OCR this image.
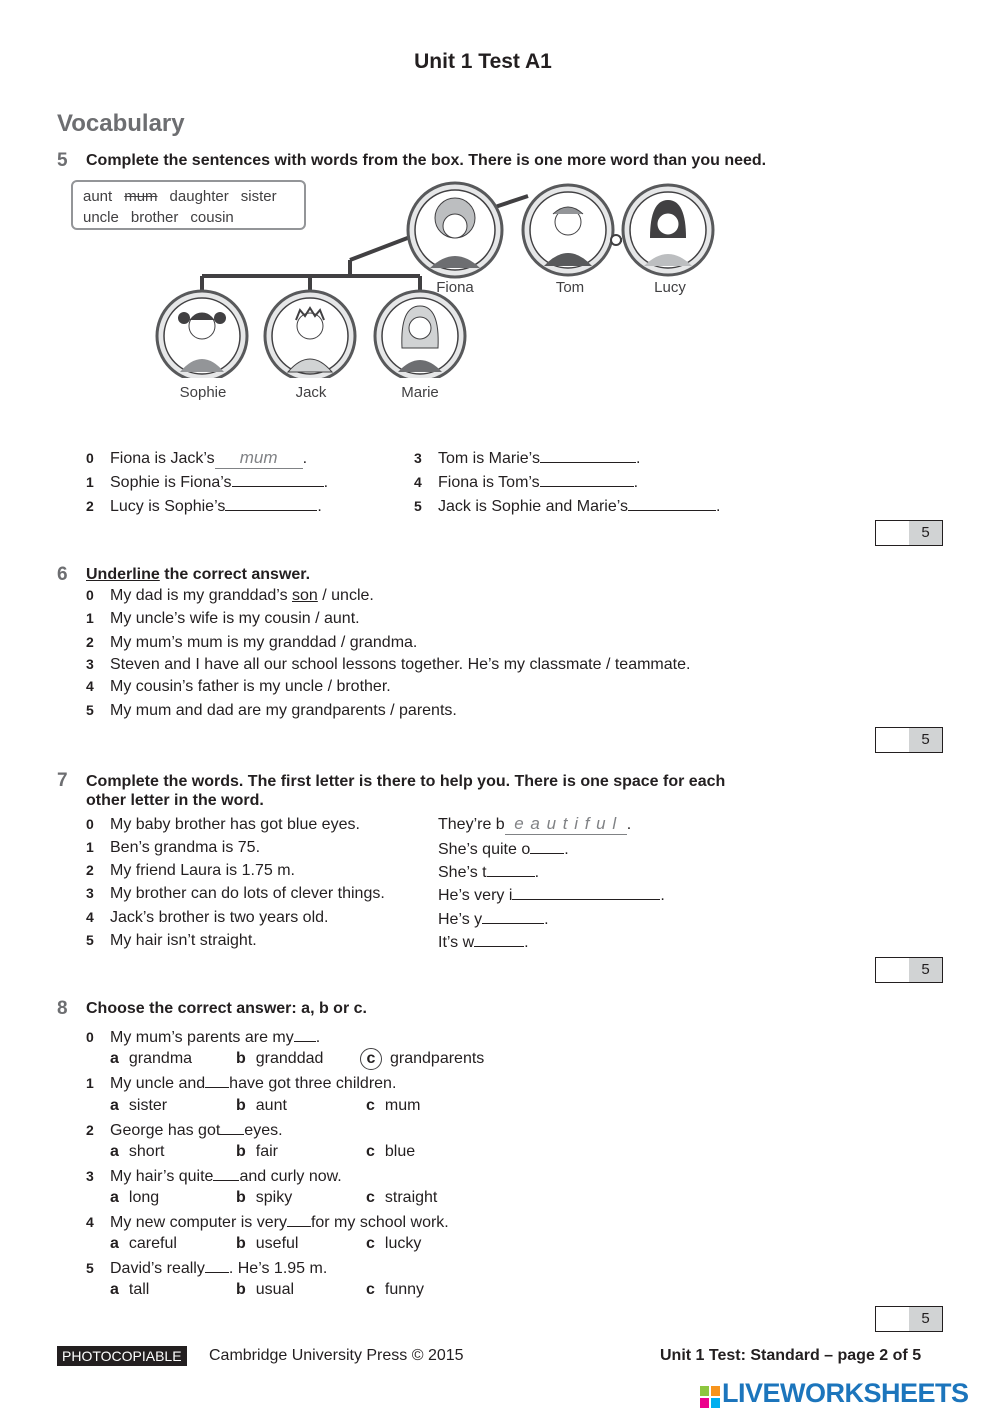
Unit 1 Test A1
Vocabulary
5 Complete the sentences with words from the box. There is one more word than you need.
aunt mum daughter sister
uncle brother cousin
Fiona	Tom	Lucy
Sophie	Jack	Marie
0 Fiona is Jack’s mum .
1 Sophie is Fiona’s	.
2 Lucy is Sophie’s	.
3 Tom is Marie’s	.
4 Fiona is Tom’s	.
5 Jack is Sophie and Marie’s	.
5
6 Underline the correct answer.
0 My dad is my granddad’s son / uncle.
1 My uncle’s wife is my cousin / aunt.
2 My mum’s mum is my granddad / grandma.
3 Steven and I have all our school lessons together. He’s my classmate / teammate.
4 My cousin’s father is my uncle / brother.
5 My mum and dad are my grandparents / parents.
5
7 Complete the words. The first letter is there to help you. There is one space for each
other letter in the word.
0 My baby brother has got blue eyes.	They’re b e a u t i f u l .
1 Ben’s grandma is 75.	She’s quite o .
2 My friend Laura is 1.75 m.	She’s t	.
3 My brother can do lots of clever things.	He’s very i	.
4 Jack’s brother is two years old.	He’s y	.
5 My hair isn’t straight.	It’s w	.
5
8 Choose the correct answer: a, b or c.
0 My mum’s parents are my .
a grandma	b granddad	c grandparents
1 My uncle and have got three children.
a sister	b aunt	c mum
2 George has got eyes.
a short	b fair	c blue
3 My hair’s quite and curly now.
a long	b spiky	c straight
4 My new computer is very for my school work.
a careful	b useful	c lucky
5 David’s really . He’s 1.95 m.
a tall	b usual	c funny
5
PHOTOCOPIABLE	Cambridge University Press © 2015	Unit 1 Test: Standard – page 2 of 5
LIVEWORKSHEETS
